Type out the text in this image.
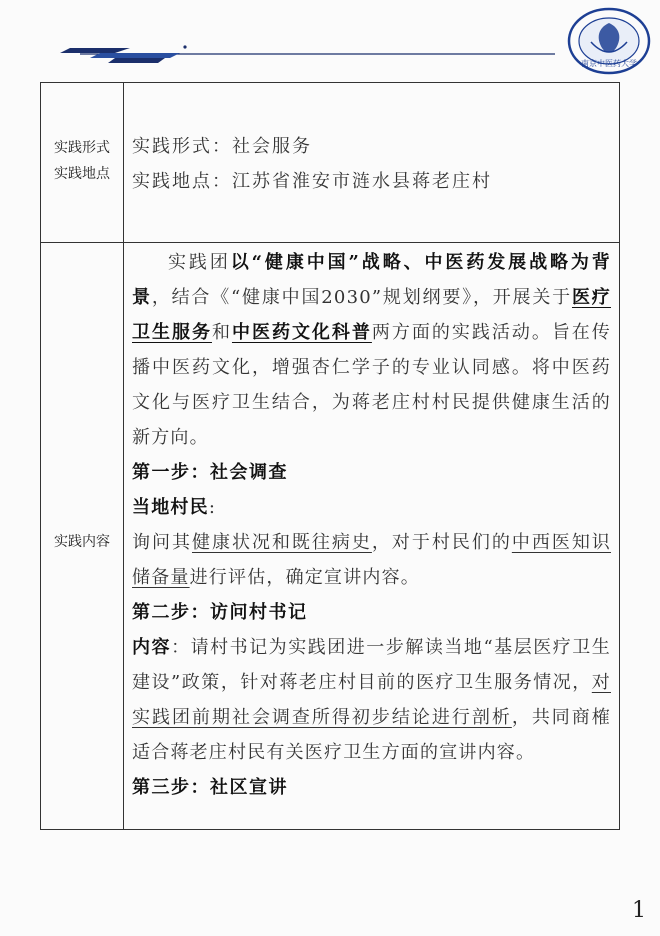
南京中医药大学
实践形式
实践地点
实践形式：社会服务
实践地点：江苏省淮安市涟水县蒋老庄村
实践内容

实践团以“健康中国”战略、中医药发展战略为背景，结合《“健康中国2030”规划纲要》，开展关于医疗卫生服务和中医药文化科普两方面的实践活动。旨在传播中医药文化，增强杏仁学子的专业认同感。将中医药文化与医疗卫生结合，为蒋老庄村村民提供健康生活的新方向。

第一步：社会调查
当地村民:

询问其健康状况和既往病史，对于村民们的中西医知识储备量进行评估，确定宣讲内容。

第二步：访问村书记

内容：请村书记为实践团进一步解读当地“基层医疗卫生建设”政策，针对蒋老庄村目前的医疗卫生服务情况，对实践团前期社会调查所得初步结论进行剖析，共同商榷适合蒋老庄村民有关医疗卫生方面的宣讲内容。

第三步：社区宣讲
1
